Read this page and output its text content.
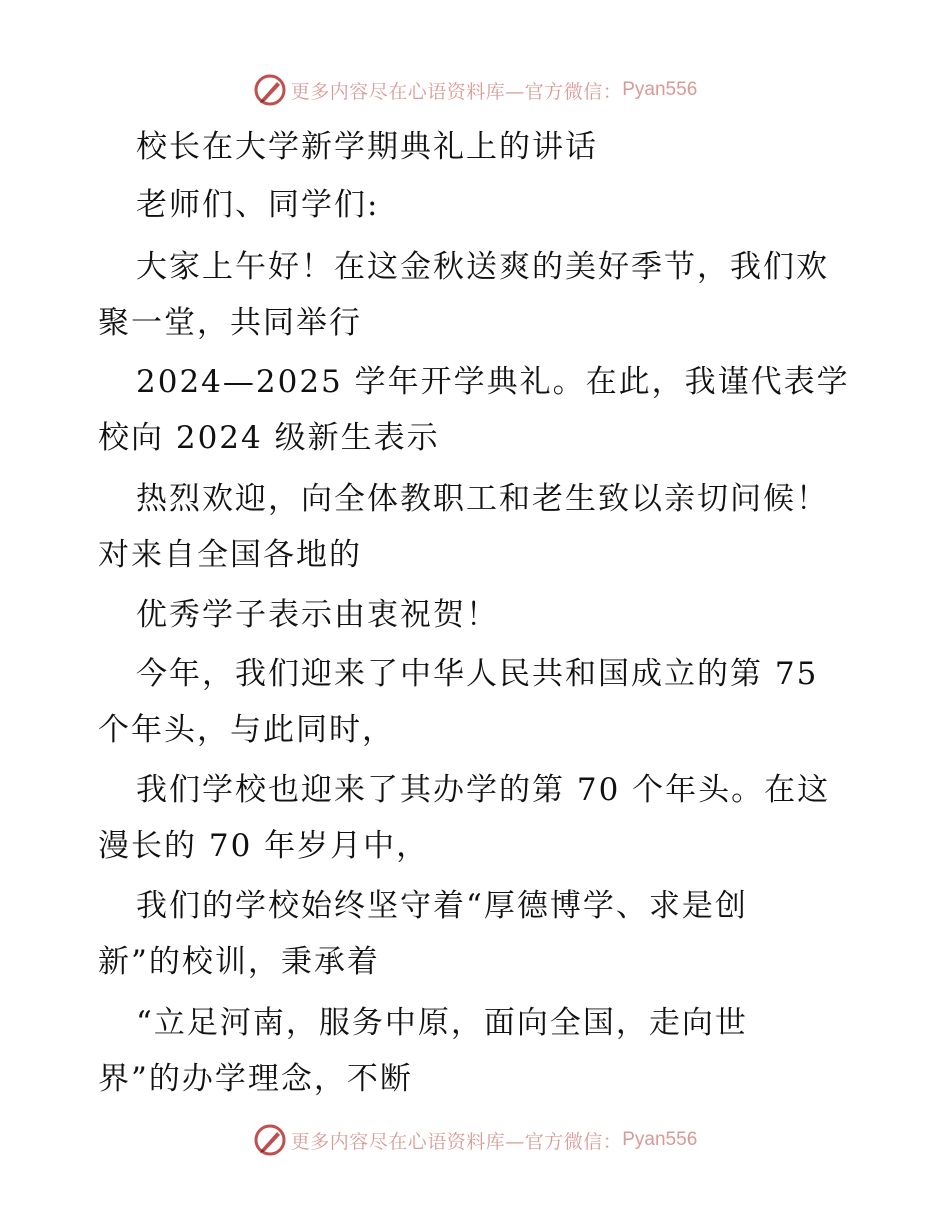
更多内容尽在心语资料库—官方微信： Pyan556
校长在大学新学期典礼上的讲话
老师们、同学们:
大家上午好！在这金秋送爽的美好季节，我们欢
聚一堂，共同举行
2024—2025 学年开学典礼。在此，我谨代表学
校向 2024 级新生表示
热烈欢迎，向全体教职工和老生致以亲切问候！
对来自全国各地的
优秀学子表示由衷祝贺！
今年，我们迎来了中华人民共和国成立的第 75
个年头，与此同时，
我们学校也迎来了其办学的第 70 个年头。在这
漫长的 70 年岁月中，
我们的学校始终坚守着“厚德博学、求是创
新”的校训，秉承着
“立足河南，服务中原，面向全国，走向世
界”的办学理念，不断
更多内容尽在心语资料库—官方微信： Pyan556
